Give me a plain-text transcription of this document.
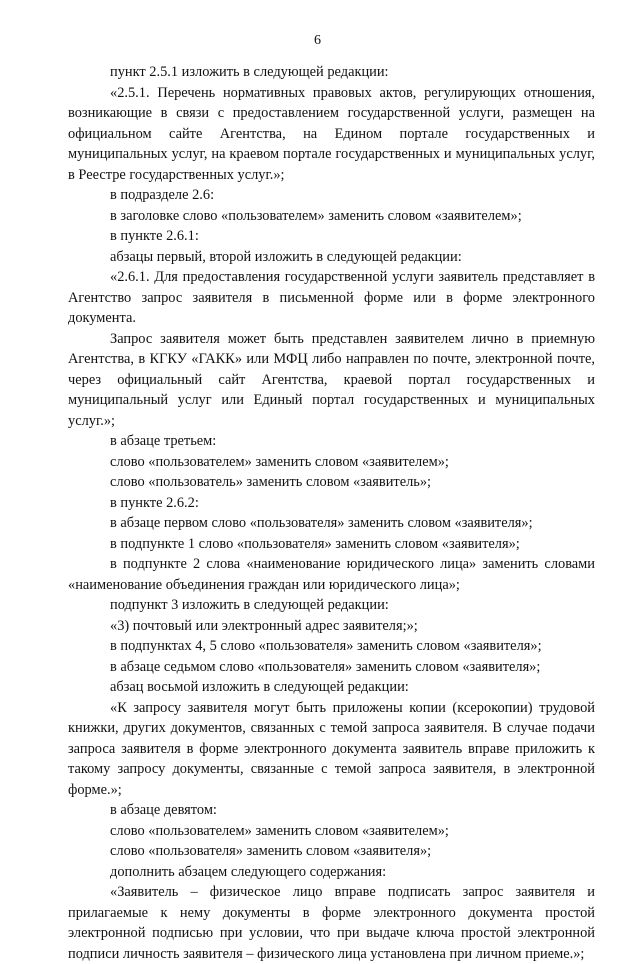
6

пункт 2.5.1 изложить в следующей редакции:

«2.5.1. Перечень нормативных правовых актов, регулирующих отношения, возникающие в связи с предоставлением государственной услуги, размещен на официальном сайте Агентства, на Едином портале государственных и муниципальных услуг, на краевом портале государственных и муниципальных услуг, в Реестре государственных услуг.»;

в подразделе 2.6:

в заголовке слово «пользователем» заменить словом «заявителем»;

в пункте 2.6.1:

абзацы первый, второй изложить в следующей редакции:

«2.6.1. Для предоставления государственной услуги заявитель представляет в Агентство запрос заявителя в письменной форме или в форме электронного документа.

Запрос заявителя может быть представлен заявителем лично в приемную Агентства, в КГКУ «ГАКК» или МФЦ либо направлен по почте, электронной почте, через официальный сайт Агентства, краевой портал государственных и муниципальный услуг или Единый портал государственных и муниципальных услуг.»;

в абзаце третьем:

слово «пользователем» заменить словом «заявителем»;

слово «пользователь» заменить словом «заявитель»;

в пункте 2.6.2:

в абзаце первом слово «пользователя» заменить словом «заявителя»;

в подпункте 1 слово «пользователя» заменить словом «заявителя»;

в подпункте 2 слова «наименование юридического лица» заменить словами «наименование объединения граждан или юридического лица»;

подпункт 3 изложить в следующей редакции:

«3) почтовый или электронный адрес заявителя;»;

в подпунктах 4, 5 слово «пользователя» заменить словом «заявителя»;

в абзаце седьмом слово «пользователя» заменить словом «заявителя»;

абзац восьмой изложить в следующей редакции:

«К запросу заявителя могут быть приложены копии (ксерокопии) трудовой книжки, других документов, связанных с темой запроса заявителя. В случае подачи запроса заявителя в форме электронного документа заявитель вправе приложить к такому запросу документы, связанные с темой запроса заявителя, в электронной форме.»;

в абзаце девятом:

слово «пользователем» заменить словом «заявителем»;

слово «пользователя» заменить словом «заявителя»;

дополнить абзацем следующего содержания:

«Заявитель – физическое лицо вправе подписать запрос заявителя и прилагаемые к нему документы в форме электронного документа простой электронной подписью при условии, что при выдаче ключа простой электронной подписи личность заявителя – физического лица установлена при личном приеме.»;
